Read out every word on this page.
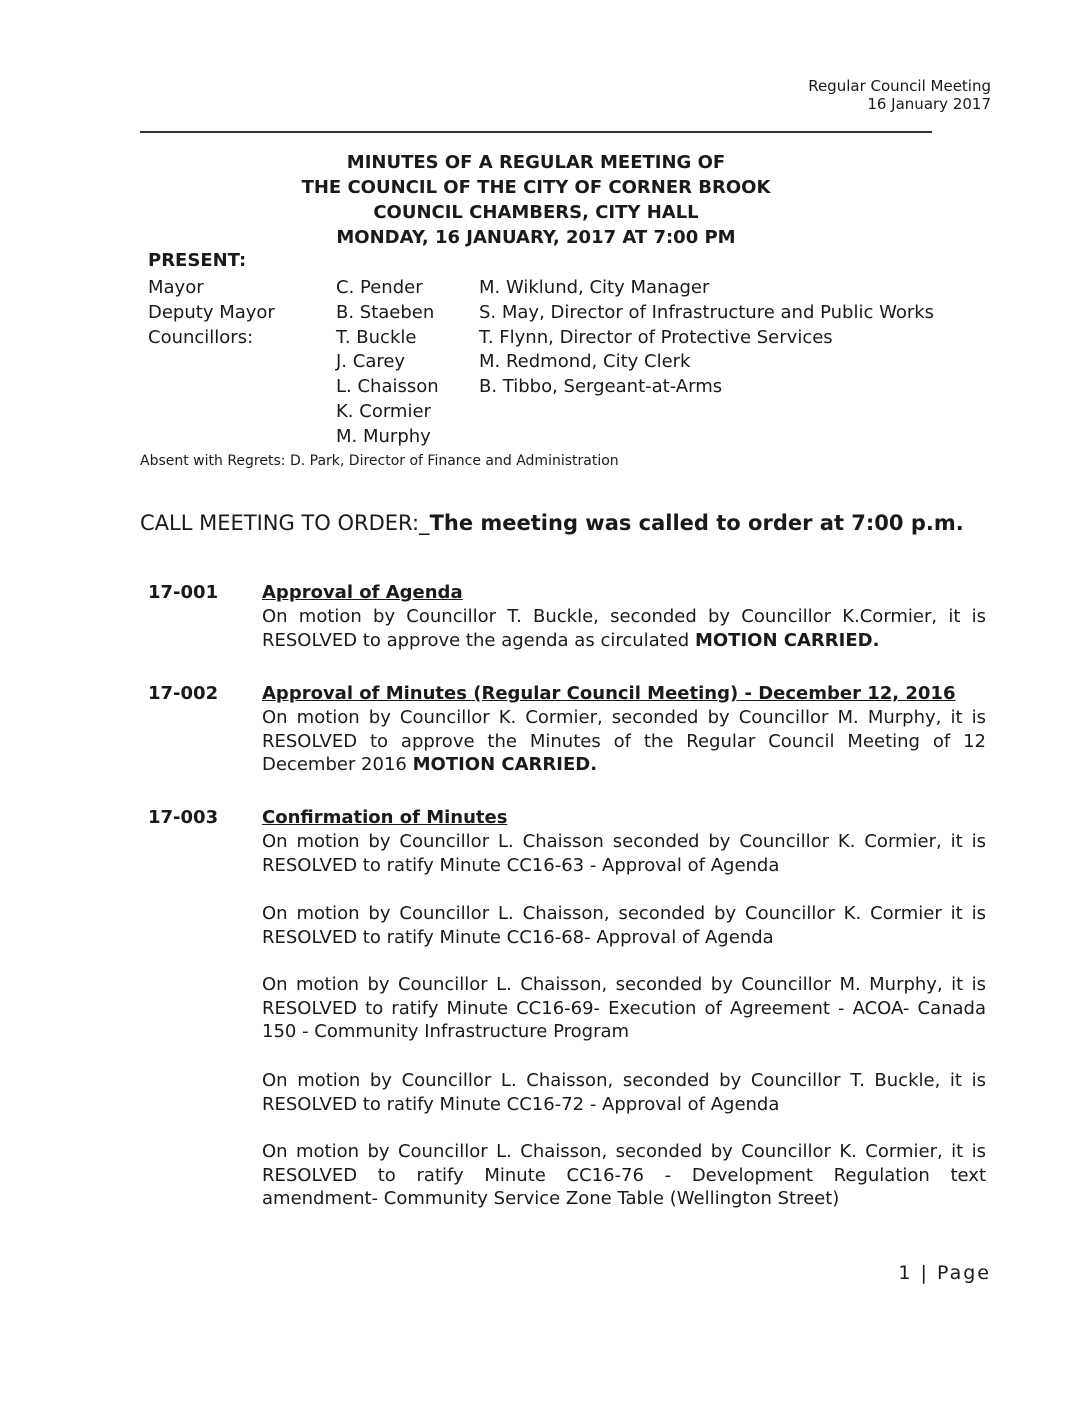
Regular Council Meeting
16 January 2017
MINUTES OF A REGULAR MEETING OF
THE COUNCIL OF THE CITY OF CORNER BROOK
COUNCIL CHAMBERS, CITY HALL
MONDAY, 16 JANUARY, 2017 AT 7:00 PM
PRESENT:
Mayor
Deputy Mayor
Councillors:
C. Pender
B. Staeben
T. Buckle
J. Carey
L. Chaisson
K. Cormier
M. Murphy
M. Wiklund, City Manager
S. May, Director of Infrastructure and Public Works
T. Flynn, Director of Protective Services
M. Redmond, City Clerk
B. Tibbo, Sergeant-at-Arms
Absent with Regrets: D. Park, Director of Finance and Administration
CALL MEETING TO ORDER:_The meeting was called to order at 7:00 p.m.
17-001 Approval of Agenda
On motion by Councillor T. Buckle, seconded by Councillor K.Cormier, it is RESOLVED to approve the agenda as circulated MOTION CARRIED.
17-002 Approval of Minutes (Regular Council Meeting) - December 12, 2016
On motion by Councillor K. Cormier, seconded by Councillor M. Murphy, it is RESOLVED to approve the Minutes of the Regular Council Meeting of 12 December 2016 MOTION CARRIED.
17-003 Confirmation of Minutes
On motion by Councillor L. Chaisson seconded by Councillor K. Cormier, it is RESOLVED to ratify Minute CC16-63 - Approval of Agenda
On motion by Councillor L. Chaisson, seconded by Councillor K. Cormier it is RESOLVED to ratify Minute CC16-68- Approval of Agenda
On motion by Councillor L. Chaisson, seconded by Councillor M. Murphy, it is RESOLVED to ratify Minute CC16-69- Execution of Agreement - ACOA- Canada 150 - Community Infrastructure Program
On motion by Councillor L. Chaisson, seconded by Councillor T. Buckle, it is RESOLVED to ratify Minute CC16-72 - Approval of Agenda
On motion by Councillor L. Chaisson, seconded by Councillor K. Cormier, it is RESOLVED to ratify Minute CC16-76 - Development Regulation text amendment- Community Service Zone Table (Wellington Street)
1 | Page
